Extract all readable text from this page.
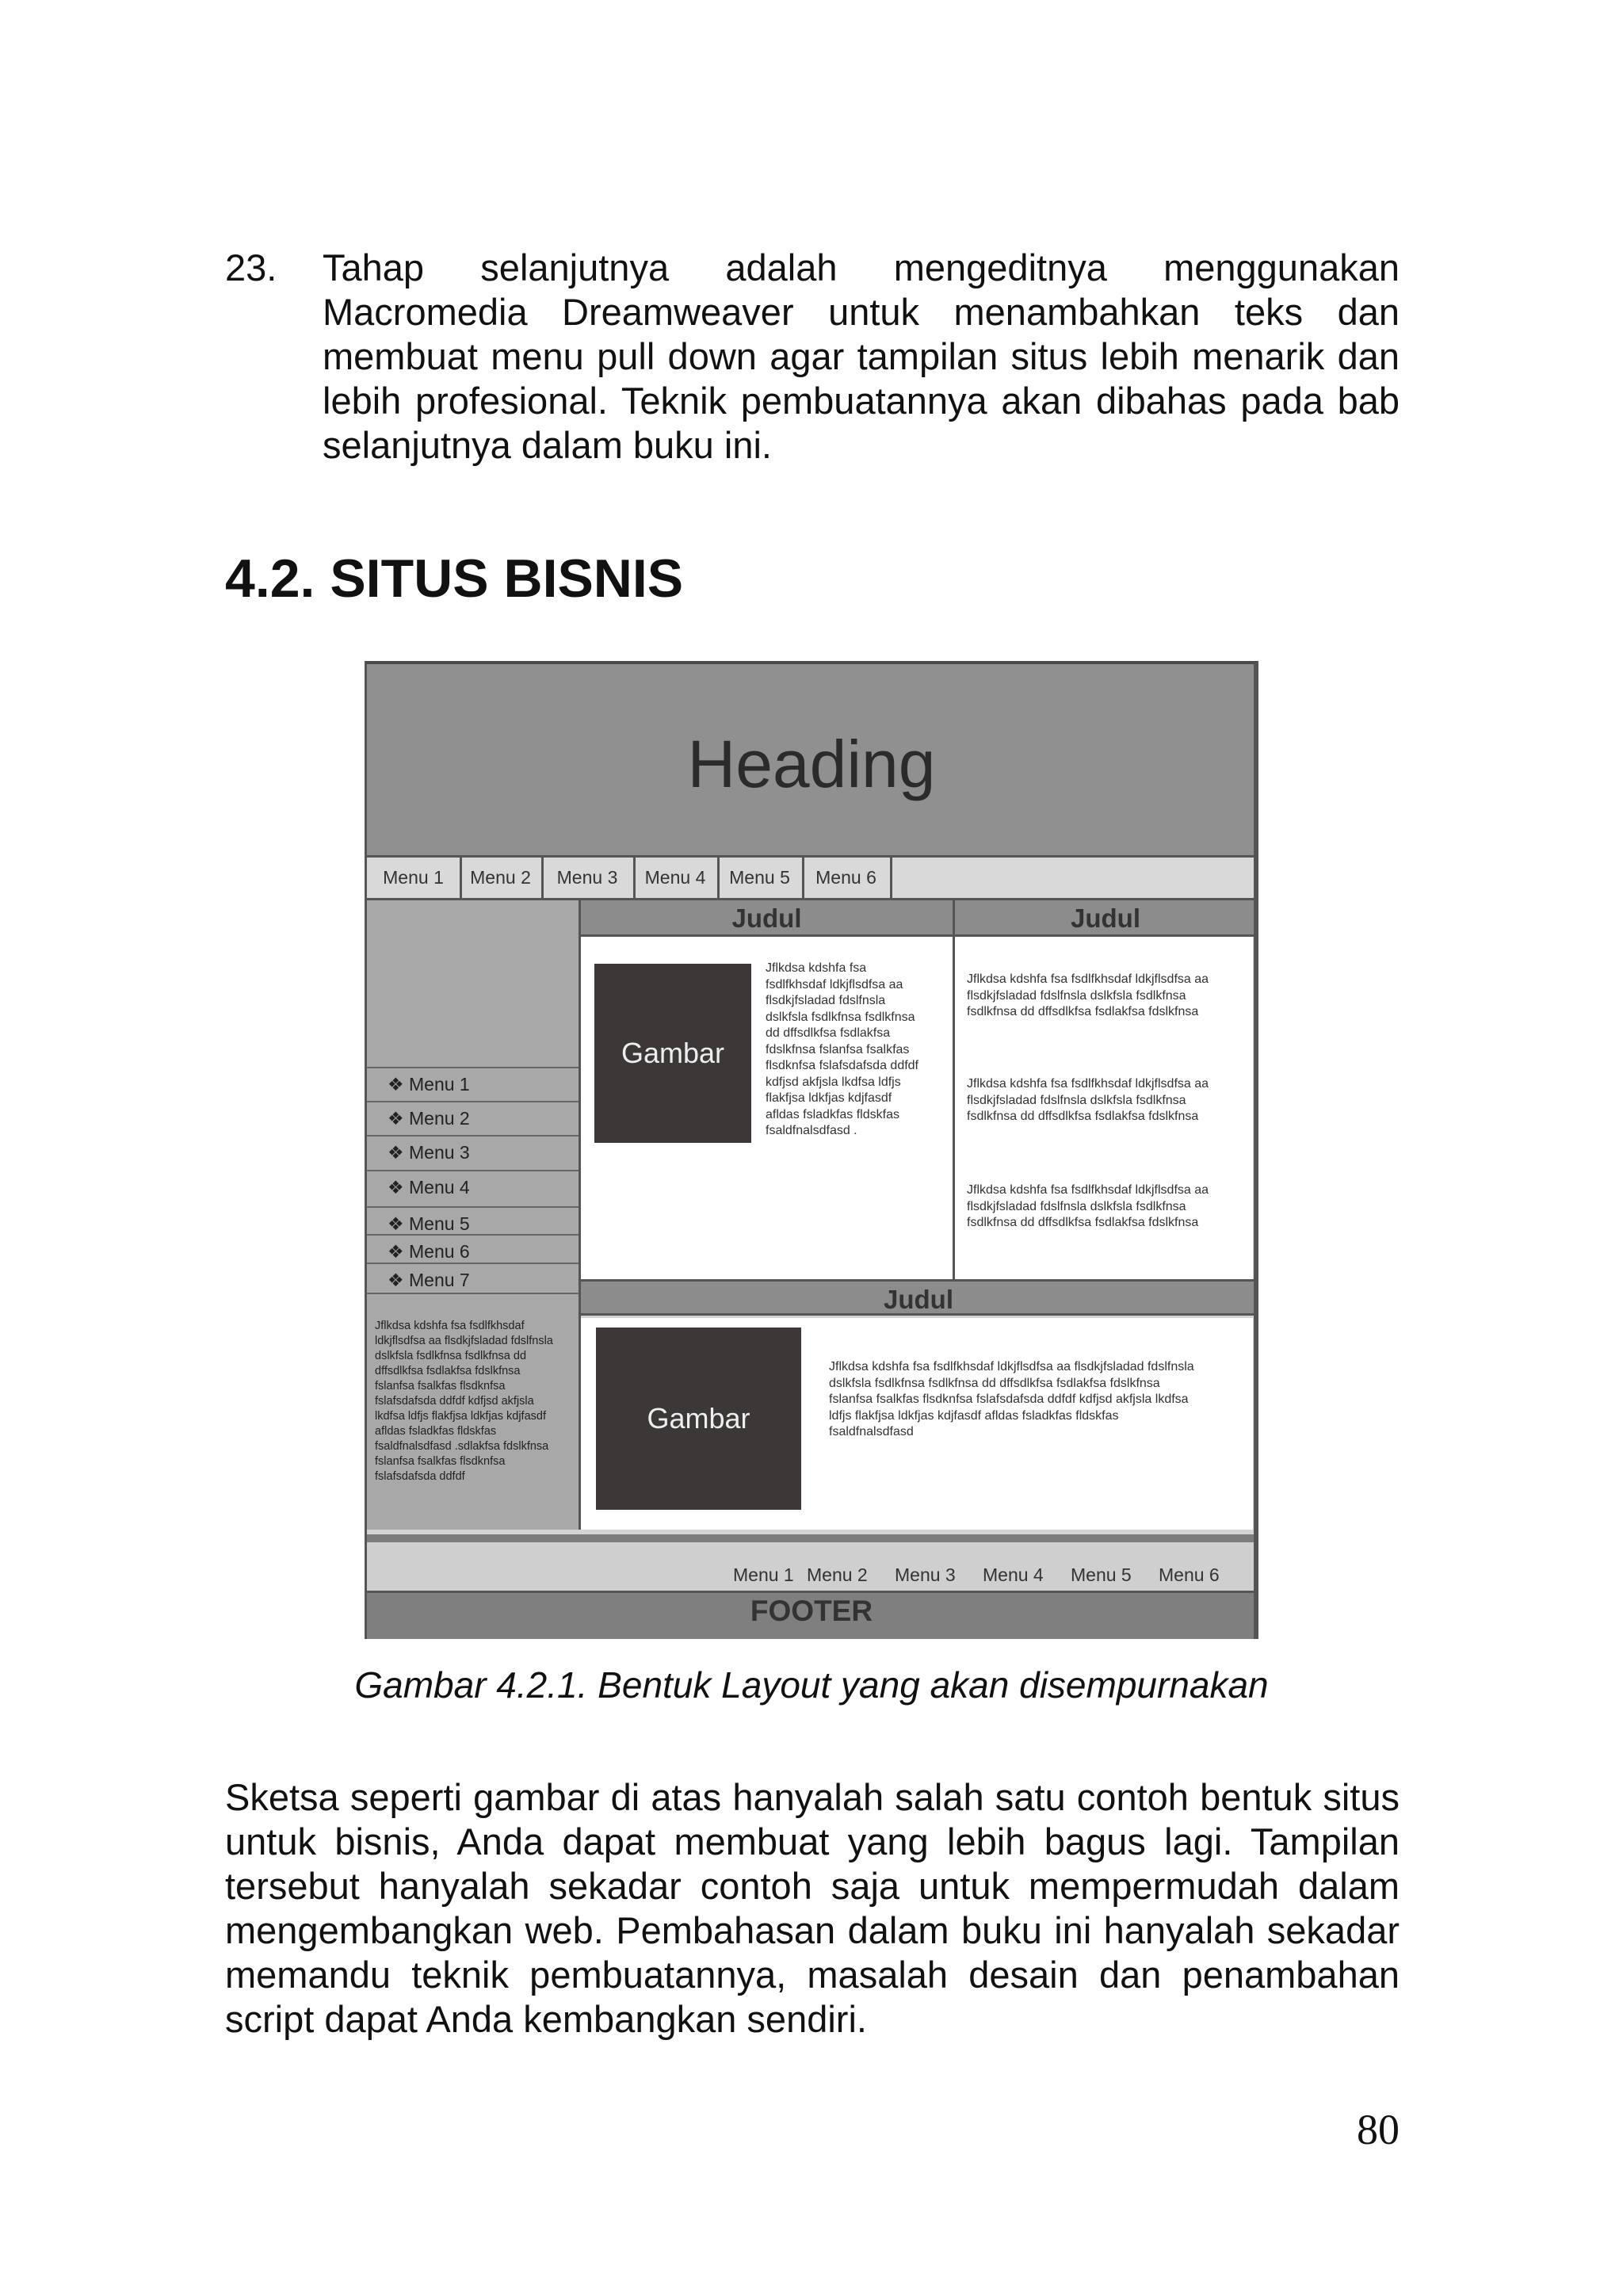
23. Tahap selanjutnya adalah mengeditnya menggunakan Macromedia Dreamweaver untuk menambahkan teks dan membuat menu pull down agar tampilan situs lebih menarik dan lebih profesional. Teknik pembuatannya akan dibahas pada bab selanjutnya dalam buku ini.
4.2. SITUS BISNIS
Heading
Menu 1	Menu 2	Menu 3	Menu 4	Menu 5	Menu 6
❖ Menu 1
❖ Menu 2
❖ Menu 3
❖ Menu 4
❖ Menu 5
❖ Menu 6
❖ Menu 7
Jflkdsa kdshfa fsa fsdlfkhsdaf ldkjflsdfsa aa flsdkjfsladad fdslfnsla dslkfsla fsdlkfnsa fsdlkfnsa dd dffsdlkfsa fsdlakfsa fdslkfnsa fslanfsa fsalkfas flsdknfsa fslafsdafsda ddfdf kdfjsd akfjsla lkdfsa ldfjs flakfjsa ldkfjas kdjfasdf afldas fsladkfas fldskfas fsaldfnalsdfasd .sdlakfsa fdslkfnsa fslanfsa fsalkfas flsdknfsa fslafsdafsda ddfdf
Judul	Judul
Gambar
Jflkdsa kdshfa fsa fsdlfkhsdaf ldkjflsdfsa aa flsdkjfsladad fdslfnsla dslkfsla fsdlkfnsa fsdlkfnsa dd dffsdlkfsa fsdlakfsa fdslkfnsa fslanfsa fsalkfas flsdknfsa fslafsdafsda ddfdf kdfjsd akfjsla lkdfsa ldfjs flakfjsa ldkfjas kdjfasdf afldas fsladkfas fldskfas fsaldfnalsdfasd .
Jflkdsa kdshfa fsa fsdlfkhsdaf ldkjflsdfsa aa flsdkjfsladad fdslfnsla dslkfsla fsdlkfnsa fsdlkfnsa dd dffsdlkfsa fsdlakfsa fdslkfnsa
Jflkdsa kdshfa fsa fsdlfkhsdaf ldkjflsdfsa aa flsdkjfsladad fdslfnsla dslkfsla fsdlkfnsa fsdlkfnsa dd dffsdlkfsa fsdlakfsa fdslkfnsa
Jflkdsa kdshfa fsa fsdlfkhsdaf ldkjflsdfsa aa flsdkjfsladad fdslfnsla dslkfsla fsdlkfnsa fsdlkfnsa dd dffsdlkfsa fsdlakfsa fdslkfnsa
Judul
Gambar
Jflkdsa kdshfa fsa fsdlfkhsdaf ldkjflsdfsa aa flsdkjfsladad fdslfnsla dslkfsla fsdlkfnsa fsdlkfnsa dd dffsdlkfsa fsdlakfsa fdslkfnsa fslanfsa fsalkfas flsdknfsa fslafsdafsda ddfdf kdfjsd akfjsla lkdfsa ldfjs flakfjsa ldkfjas kdjfasdf afldas fsladkfas fldskfas fsaldfnalsdfasd
Menu 1 Menu 2 Menu 3 Menu 4 Menu 5 Menu 6
FOOTER
Gambar 4.2.1. Bentuk Layout yang akan disempurnakan

Sketsa seperti gambar di atas hanyalah salah satu contoh bentuk situs untuk bisnis, Anda dapat membuat yang lebih bagus lagi. Tampilan tersebut hanyalah sekadar contoh saja untuk mempermudah dalam mengembangkan web. Pembahasan dalam buku ini hanyalah sekadar memandu teknik pembuatannya, masalah desain dan penambahan script dapat Anda kembangkan sendiri.

80
